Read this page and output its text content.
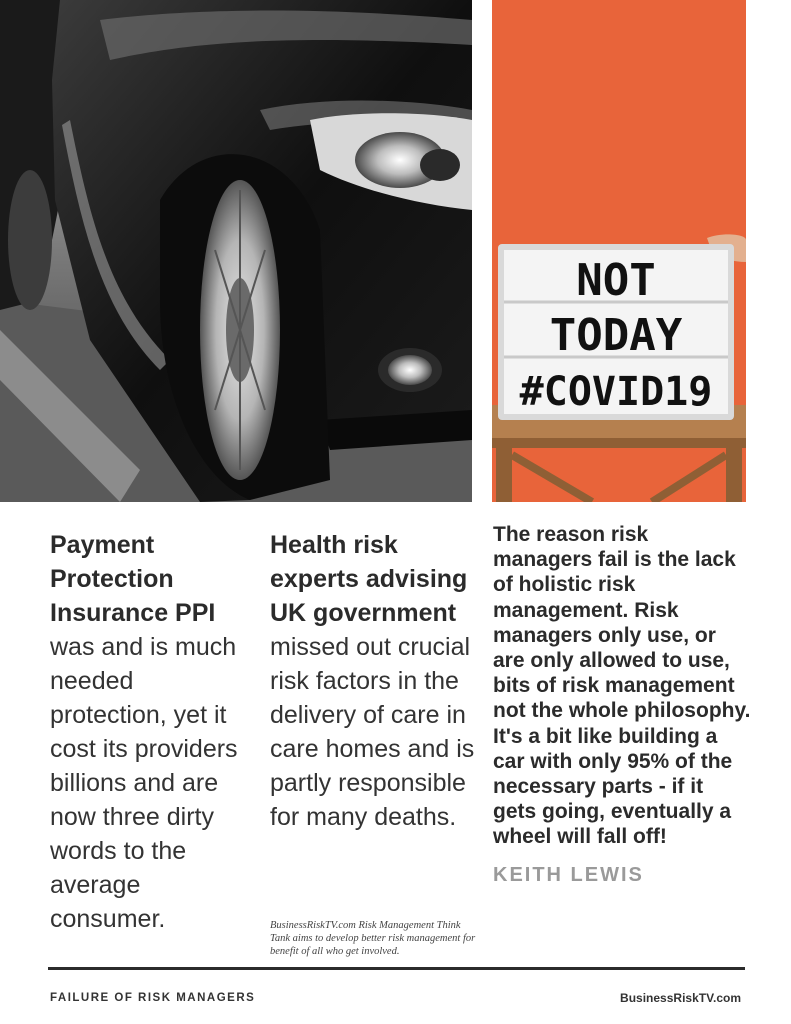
NOT
TODAY
#COVID19
Payment Protection Insurance PPI
was and is much needed protection, yet it cost its providers billions and are now three dirty words to the average consumer.
Health risk experts advising UK government
missed out crucial risk factors in the delivery of care in care homes and is partly responsible for many deaths.
BusinessRiskTV.com Risk Management Think Tank aims to develop better risk management for benefit of all who get involved.
The reason risk managers fail is the lack of holistic risk management. Risk managers only use, or are only allowed to use, bits of risk management not the whole philosophy. It's a bit like building a car with only 95% of the necessary parts - if it gets going, eventually a wheel will fall off!
KEITH LEWIS
FAILURE OF RISK MANAGERS	BusinessRiskTV.com
